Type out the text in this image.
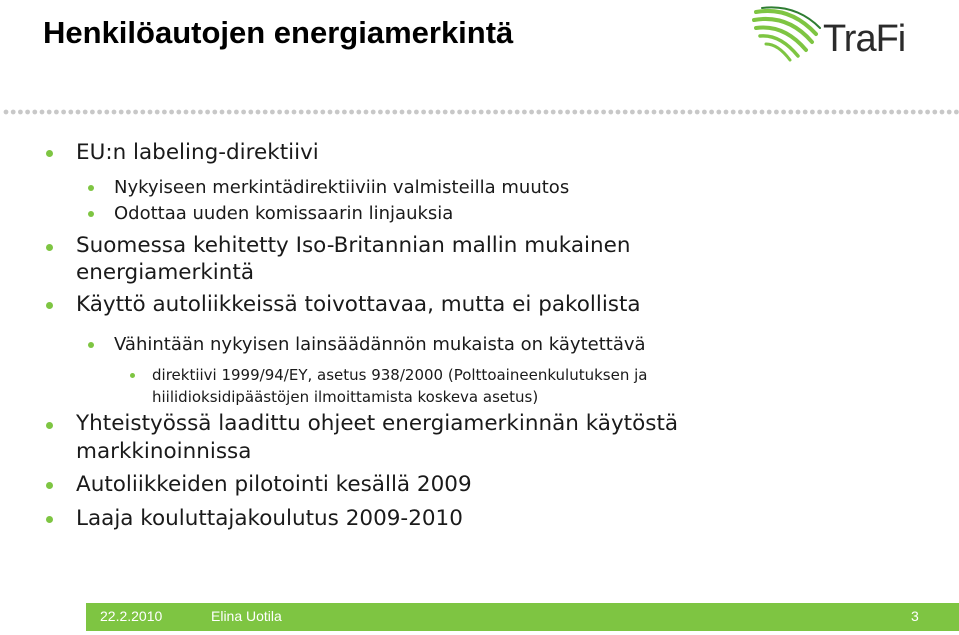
Henkilöautojen energiamerkintä	TraFi
EU:n labeling-direktiivi
Nykyiseen merkintädirektiiviin valmisteilla muutos
Odottaa uuden komissaarin linjauksia
Suomessa kehitetty Iso-Britannian mallin mukainen
energiamerkintä
Käyttö autoliikkeissä toivottavaa, mutta ei pakollista
Vähintään nykyisen lainsäädännön mukaista on käytettävä
direktiivi 1999/94/EY, asetus 938/2000 (Polttoaineenkulutuksen ja
hiilidioksidipäästöjen ilmoittamista koskeva asetus)
Yhteistyössä laadittu ohjeet energiamerkinnän käytöstä
markkinoinnissa
Autoliikkeiden pilotointi kesällä 2009
Laaja kouluttajakoulutus 2009-2010
22.2.2010	Elina Uotila	3
